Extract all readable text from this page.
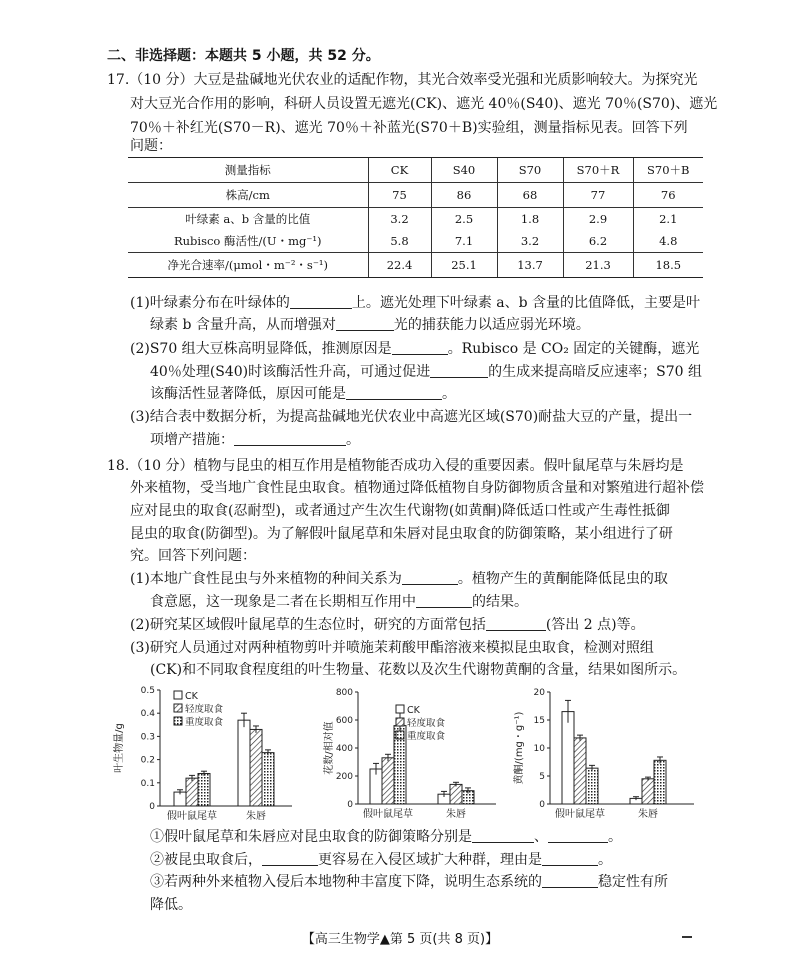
二、非选择题：本题共 5 小题，共 52 分。
17.（10 分）大豆是盐碱地光伏农业的适配作物，其光合效率受光强和光质影响较大。为探究光
对大豆光合作用的影响，科研人员设置无遮光(CK)、遮光 40％(S40)、遮光 70％(S70)、遮光
70％＋补红光(S70－R)、遮光 70％＋补蓝光(S70＋B)实验组，测量指标见表。回答下列
问题：
测量指标	CK	S40	S70	S70＋R	S70＋B
株高/cm	75	86	68	77	76
叶绿素 a、b 含量的比值	3.2	2.5	1.8	2.9	2.1
Rubisco 酶活性/(U・mg⁻¹)	5.8	7.1	3.2	6.2	4.8
净光合速率/(μmol・m⁻²・s⁻¹)	22.4	25.1	13.7	21.3	18.5
(1)叶绿素分布在叶绿体的	上。遮光处理下叶绿素 a、b 含量的比值降低，主要是叶
绿素 b 含量升高，从而增强对	光的捕获能力以适应弱光环境。
(2)S70 组大豆株高明显降低，推测原因是	。Rubisco 是 CO₂ 固定的关键酶，遮光
40％处理(S40)时该酶活性升高，可通过促进	的生成来提高暗反应速率；S70 组
该酶活性显著降低，原因可能是	。
(3)结合表中数据分析，为提高盐碱地光伏农业中高遮光区域(S70)耐盐大豆的产量，提出一
项增产措施：	。
18.（10 分）植物与昆虫的相互作用是植物能否成功入侵的重要因素。假叶鼠尾草与朱唇均是
外来植物，受当地广食性昆虫取食。植物通过降低植物自身防御物质含量和对繁殖进行超补偿
应对昆虫的取食(忍耐型)，或者通过产生次生代谢物(如黄酮)降低适口性或产生毒性抵御
昆虫的取食(防御型)。为了解假叶鼠尾草和朱唇对昆虫取食的防御策略，某小组进行了研
究。回答下列问题：
(1)本地广食性昆虫与外来植物的种间关系为	。植物产生的黄酮能降低昆虫的取
食意愿，这一现象是二者在长期相互作用中	的结果。
(2)研究某区域假叶鼠尾草的生态位时，研究的方面常包括	(答出 2 点)等。
(3)研究人员通过对两种植物剪叶并喷施茉莉酸甲酯溶液来模拟昆虫取食，检测对照组
(CK)和不同取食程度组的叶生物量、花数以及次生代谢物黄酮的含量，结果如图所示。
0
0.1
0.2
0.3
0.4
0.5
叶生物量/g
假叶鼠尾草	朱唇
CK
轻度取食
重度取食
0
200
400
600
800
花数/相对值
假叶鼠尾草	朱唇
CK
轻度取食
重度取食
0
5
10
15
20
黄酮/(mg・g⁻¹)
假叶鼠尾草	朱唇
①假叶鼠尾草和朱唇应对昆虫取食的防御策略分别是	、	。
②被昆虫取食后，	更容易在入侵区域扩大种群，理由是	。
③若两种外来植物入侵后本地物种丰富度下降，说明生态系统的	稳定性有所
降低。
【高三生物学▲第 5 页(共 8 页)】
